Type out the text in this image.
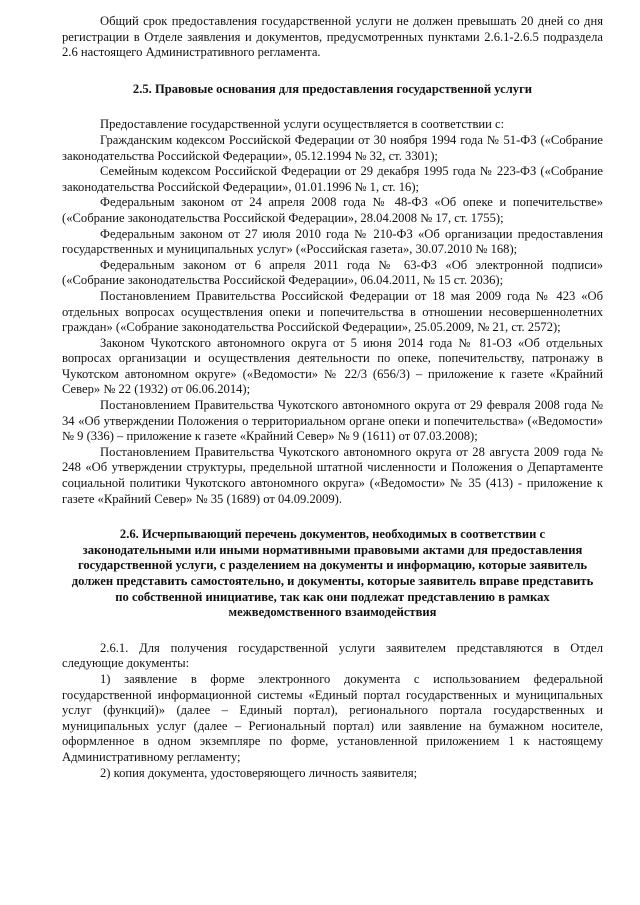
Общий срок предоставления государственной услуги не должен превышать 20 дней со дня регистрации в Отделе заявления и документов, предусмотренных пунктами 2.6.1-2.6.5 подраздела 2.6 настоящего Административного регламента.

2.5. Правовые основания для предоставления государственной услуги

Предоставление государственной услуги осуществляется в соответствии с:

Гражданским кодексом Российской Федерации от 30 ноября 1994 года № 51-ФЗ («Собрание законодательства Российской Федерации», 05.12.1994 № 32, ст. 3301);

Семейным кодексом Российской Федерации от 29 декабря 1995 года № 223-ФЗ («Собрание законодательства Российской Федерации», 01.01.1996 № 1, ст. 16);

Федеральным законом от 24 апреля 2008 года № 48-ФЗ «Об опеке и попечительстве» («Собрание законодательства Российской Федерации», 28.04.2008 № 17, ст. 1755);

Федеральным законом от 27 июля 2010 года № 210-ФЗ «Об организации предоставления государственных и муниципальных услуг» («Российская газета», 30.07.2010 № 168);

Федеральным законом от 6 апреля 2011 года № 63-ФЗ «Об электронной подписи» («Собрание законодательства Российской Федерации», 06.04.2011, № 15 ст. 2036);

Постановлением Правительства Российской Федерации от 18 мая 2009 года № 423 «Об отдельных вопросах осуществления опеки и попечительства в отношении несовершеннолетних граждан» («Собрание законодательства Российской Федерации», 25.05.2009, № 21, ст. 2572);

Законом Чукотского автономного округа от 5 июня 2014 года № 81-ОЗ «Об отдельных вопросах организации и осуществления деятельности по опеке, попечительству, патронажу в Чукотском автономном округе» («Ведомости» № 22/3 (656/3) – приложение к газете «Крайний Север» № 22 (1932) от 06.06.2014);

Постановлением Правительства Чукотского автономного округа от 29 февраля 2008 года № 34 «Об утверждении Положения о территориальном органе опеки и попечительства» («Ведомости» № 9 (336) – приложение к газете «Крайний Север» № 9 (1611) от 07.03.2008);

Постановлением Правительства Чукотского автономного округа от 28 августа 2009 года № 248 «Об утверждении структуры, предельной штатной численности и Положения о Департаменте социальной политики Чукотского автономного округа» («Ведомости» № 35 (413) - приложение к газете «Крайний Север» № 35 (1689) от 04.09.2009).

2.6. Исчерпывающий перечень документов, необходимых в соответствии с законодательными или иными нормативными правовыми актами для предоставления государственной услуги, с разделением на документы и информацию, которые заявитель должен представить самостоятельно, и документы, которые заявитель вправе представить по собственной инициативе, так как они подлежат представлению в рамках межведомственного взаимодействия

2.6.1. Для получения государственной услуги заявителем представляются в Отдел следующие документы:

1) заявление в форме электронного документа с использованием федеральной государственной информационной системы «Единый портал государственных и муниципальных услуг (функций)» (далее – Единый портал), регионального портала государственных и муниципальных услуг (далее – Региональный портал) или заявление на бумажном носителе, оформленное в одном экземпляре по форме, установленной приложением 1 к настоящему Административному регламенту;

2) копия документа, удостоверяющего личность заявителя;
